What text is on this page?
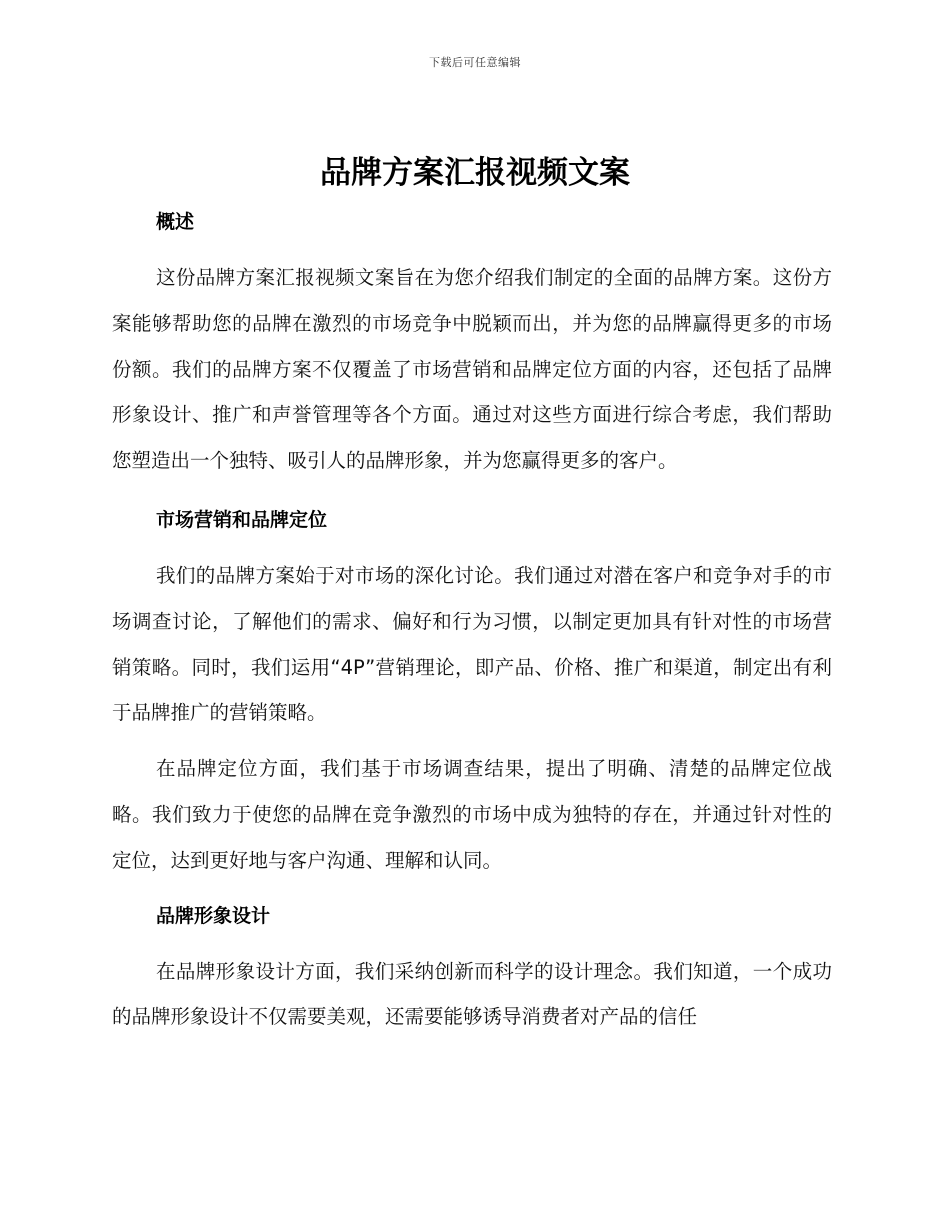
下载后可任意编辑
品牌方案汇报视频文案
概述

这份品牌方案汇报视频文案旨在为您介绍我们制定的全面的品牌方案。这份方案能够帮助您的品牌在激烈的市场竞争中脱颖而出，并为您的品牌赢得更多的市场份额。我们的品牌方案不仅覆盖了市场营销和品牌定位方面的内容，还包括了品牌形象设计、推广和声誉管理等各个方面。通过对这些方面进行综合考虑，我们帮助您塑造出一个独特、吸引人的品牌形象，并为您赢得更多的客户。

市场营销和品牌定位

我们的品牌方案始于对市场的深化讨论。我们通过对潜在客户和竞争对手的市场调查讨论，了解他们的需求、偏好和行为习惯，以制定更加具有针对性的市场营销策略。同时，我们运用“4P”营销理论，即产品、价格、推广和渠道，制定出有利于品牌推广的营销策略。

在品牌定位方面，我们基于市场调查结果，提出了明确、清楚的品牌定位战略。我们致力于使您的品牌在竞争激烈的市场中成为独特的存在，并通过针对性的定位，达到更好地与客户沟通、理解和认同。

品牌形象设计

在品牌形象设计方面，我们采纳创新而科学的设计理念。我们知道，一个成功的品牌形象设计不仅需要美观，还需要能够诱导消费者对产品的信任
